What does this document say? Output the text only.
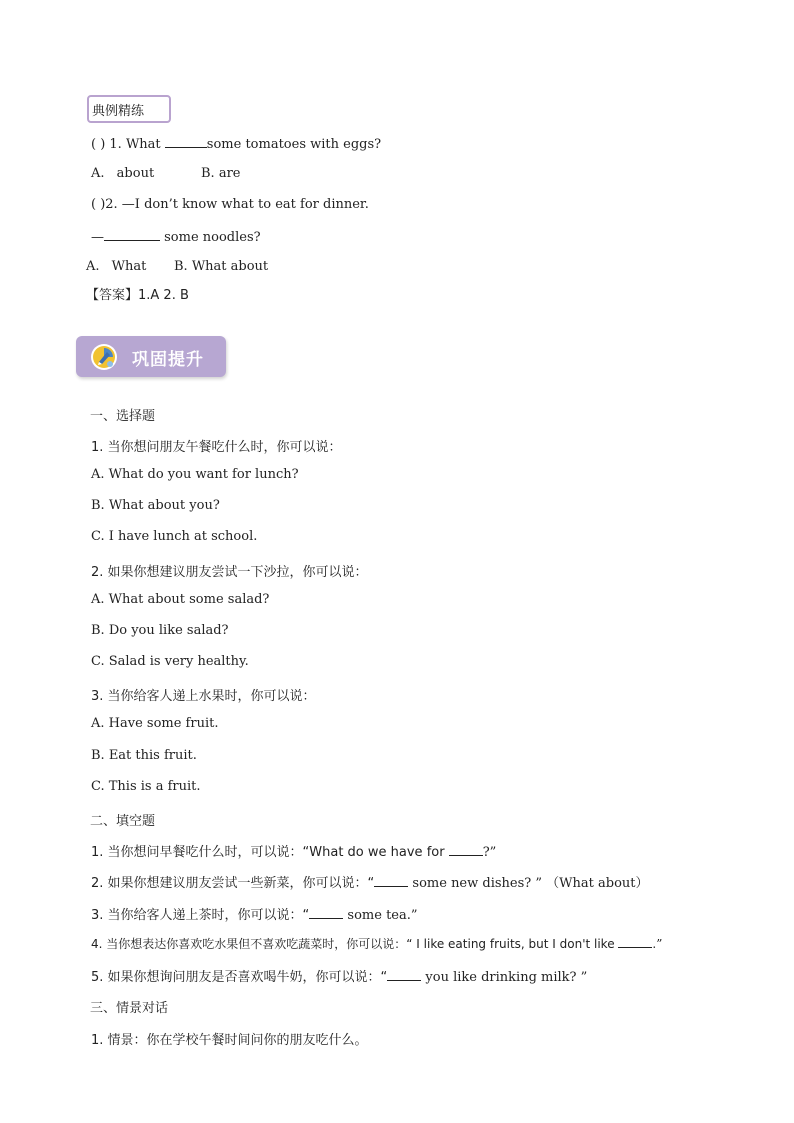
典例精练
( ) 1. What	some tomatoes with eggs?
A. about	B. are
( )2. —I don’t know what to eat for dinner.
—	some noodles?
A. What B. What about
【答案】1.A 2. B
巩固提升
一、选择题
1. 当你想问朋友午餐吃什么时，你可以说：
A. What do you want for lunch?
B. What about you?
C. I have lunch at school.
2. 如果你想建议朋友尝试一下沙拉，你可以说：
A. What about some salad?
B. Do you like salad?
C. Salad is very healthy.
3. 当你给客人递上水果时，你可以说：
A. Have some fruit.
B. Eat this fruit.
C. This is a fruit.
二、填空题
1. 当你想问早餐吃什么时，可以说：“What do we have for	?”
2. 如果你想建议朋友尝试一些新菜，你可以说：“	some new dishes? ” （What about）
3. 当你给客人递上茶时，你可以说：“	some tea.”
4. 当你想表达你喜欢吃水果但不喜欢吃蔬菜时，你可以说：“ I like eating fruits, but I don't like	.”
5. 如果你想询问朋友是否喜欢喝牛奶，你可以说：“	you like drinking milk? ”
三、情景对话
1. 情景：你在学校午餐时间问你的朋友吃什么。
